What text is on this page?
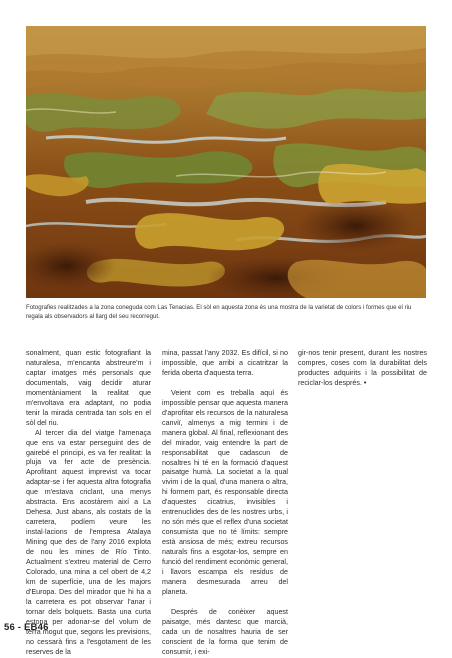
Fotografies realitzades a la zona coneguda com Las Tenacias. El sòl en aquesta zona és una mostra de la varietat de colors i formes que el riu regala als observadors al llarg del seu recorregut.

sonalment, quan estic fotografiant la naturalesa, m'encanta abstreure'm i captar imatges més personals que documentals, vaig decidir aturar momentàniament la realitat que m'envoltava era adaptant, no podia tenir la mirada centrada tan sols en el sòl del riu.

Al tercer dia del viatge l'amenaça que ens va estar perseguint des de gairebé el principi, es va fer realitat: la pluja va fer acte de presència. Aprofitant aquest imprevist va tocar adaptar-se i fer aquesta altra fotografia que m'estava criclant, una menys abstracta. Ens acostàrem així a La Dehesa. Just abans, als costats de la carretera, podíem veure les instal·lacions de l'empresa Atalaya Mining que des de l'any 2016 explota de nou les mines de Río Tinto. Actualment s'extreu material de Cerro Colorado, una mina a cel obert de 4,2 km de superfície, una de les majors d'Europa. Des del mirador que hi ha a la carretera es pot observar l'anar i tornar dels bolquets. Basta una curta estona per adonar-se del volum de terra mogut que, segons les previsions, no cessarà fins a l'esgotament de les reserves de la

mina, passat l'any 2032. Es difícil, si no impossible, que arribi a cicatritzar la ferida oberta d'aquesta terra.

Veient com es treballa aquí és impossible pensar que aquesta manera d'aprofitar els recursos de la naturalesa canviï, almenys a mig termini i de manera global. Al final, reflexionant des del mirador, vaig entendre la part de responsabilitat que cadascun de nosaltres hi té en la formació d'aquest paisatge humà. La societat a la qual vivim i de la qual, d'una manera o altra, hi formem part, és responsable directa d'aquestes cicatrius, invisibles i entrenuclides des de les nostres urbs, i no són més que el reflex d'una societat consumista que no té límits: sempre està ansiosa de més; extreu recursos naturals fins a esgotar-los, sempre en funció del rendiment econòmic general, i llavors escampa els residus de manera desmesurada arreu del planeta.

Després de conèixer aquest paisatge, més dantesc que marcià, cada un de nosaltres hauria de ser conscient de la forma que tenim de consumir, i exi-

gir-nos tenir present, durant les nostres compres, coses com la durabilitat dels productes adquirits i la possibilitat de reciclar-los després. •

56 - EB46
